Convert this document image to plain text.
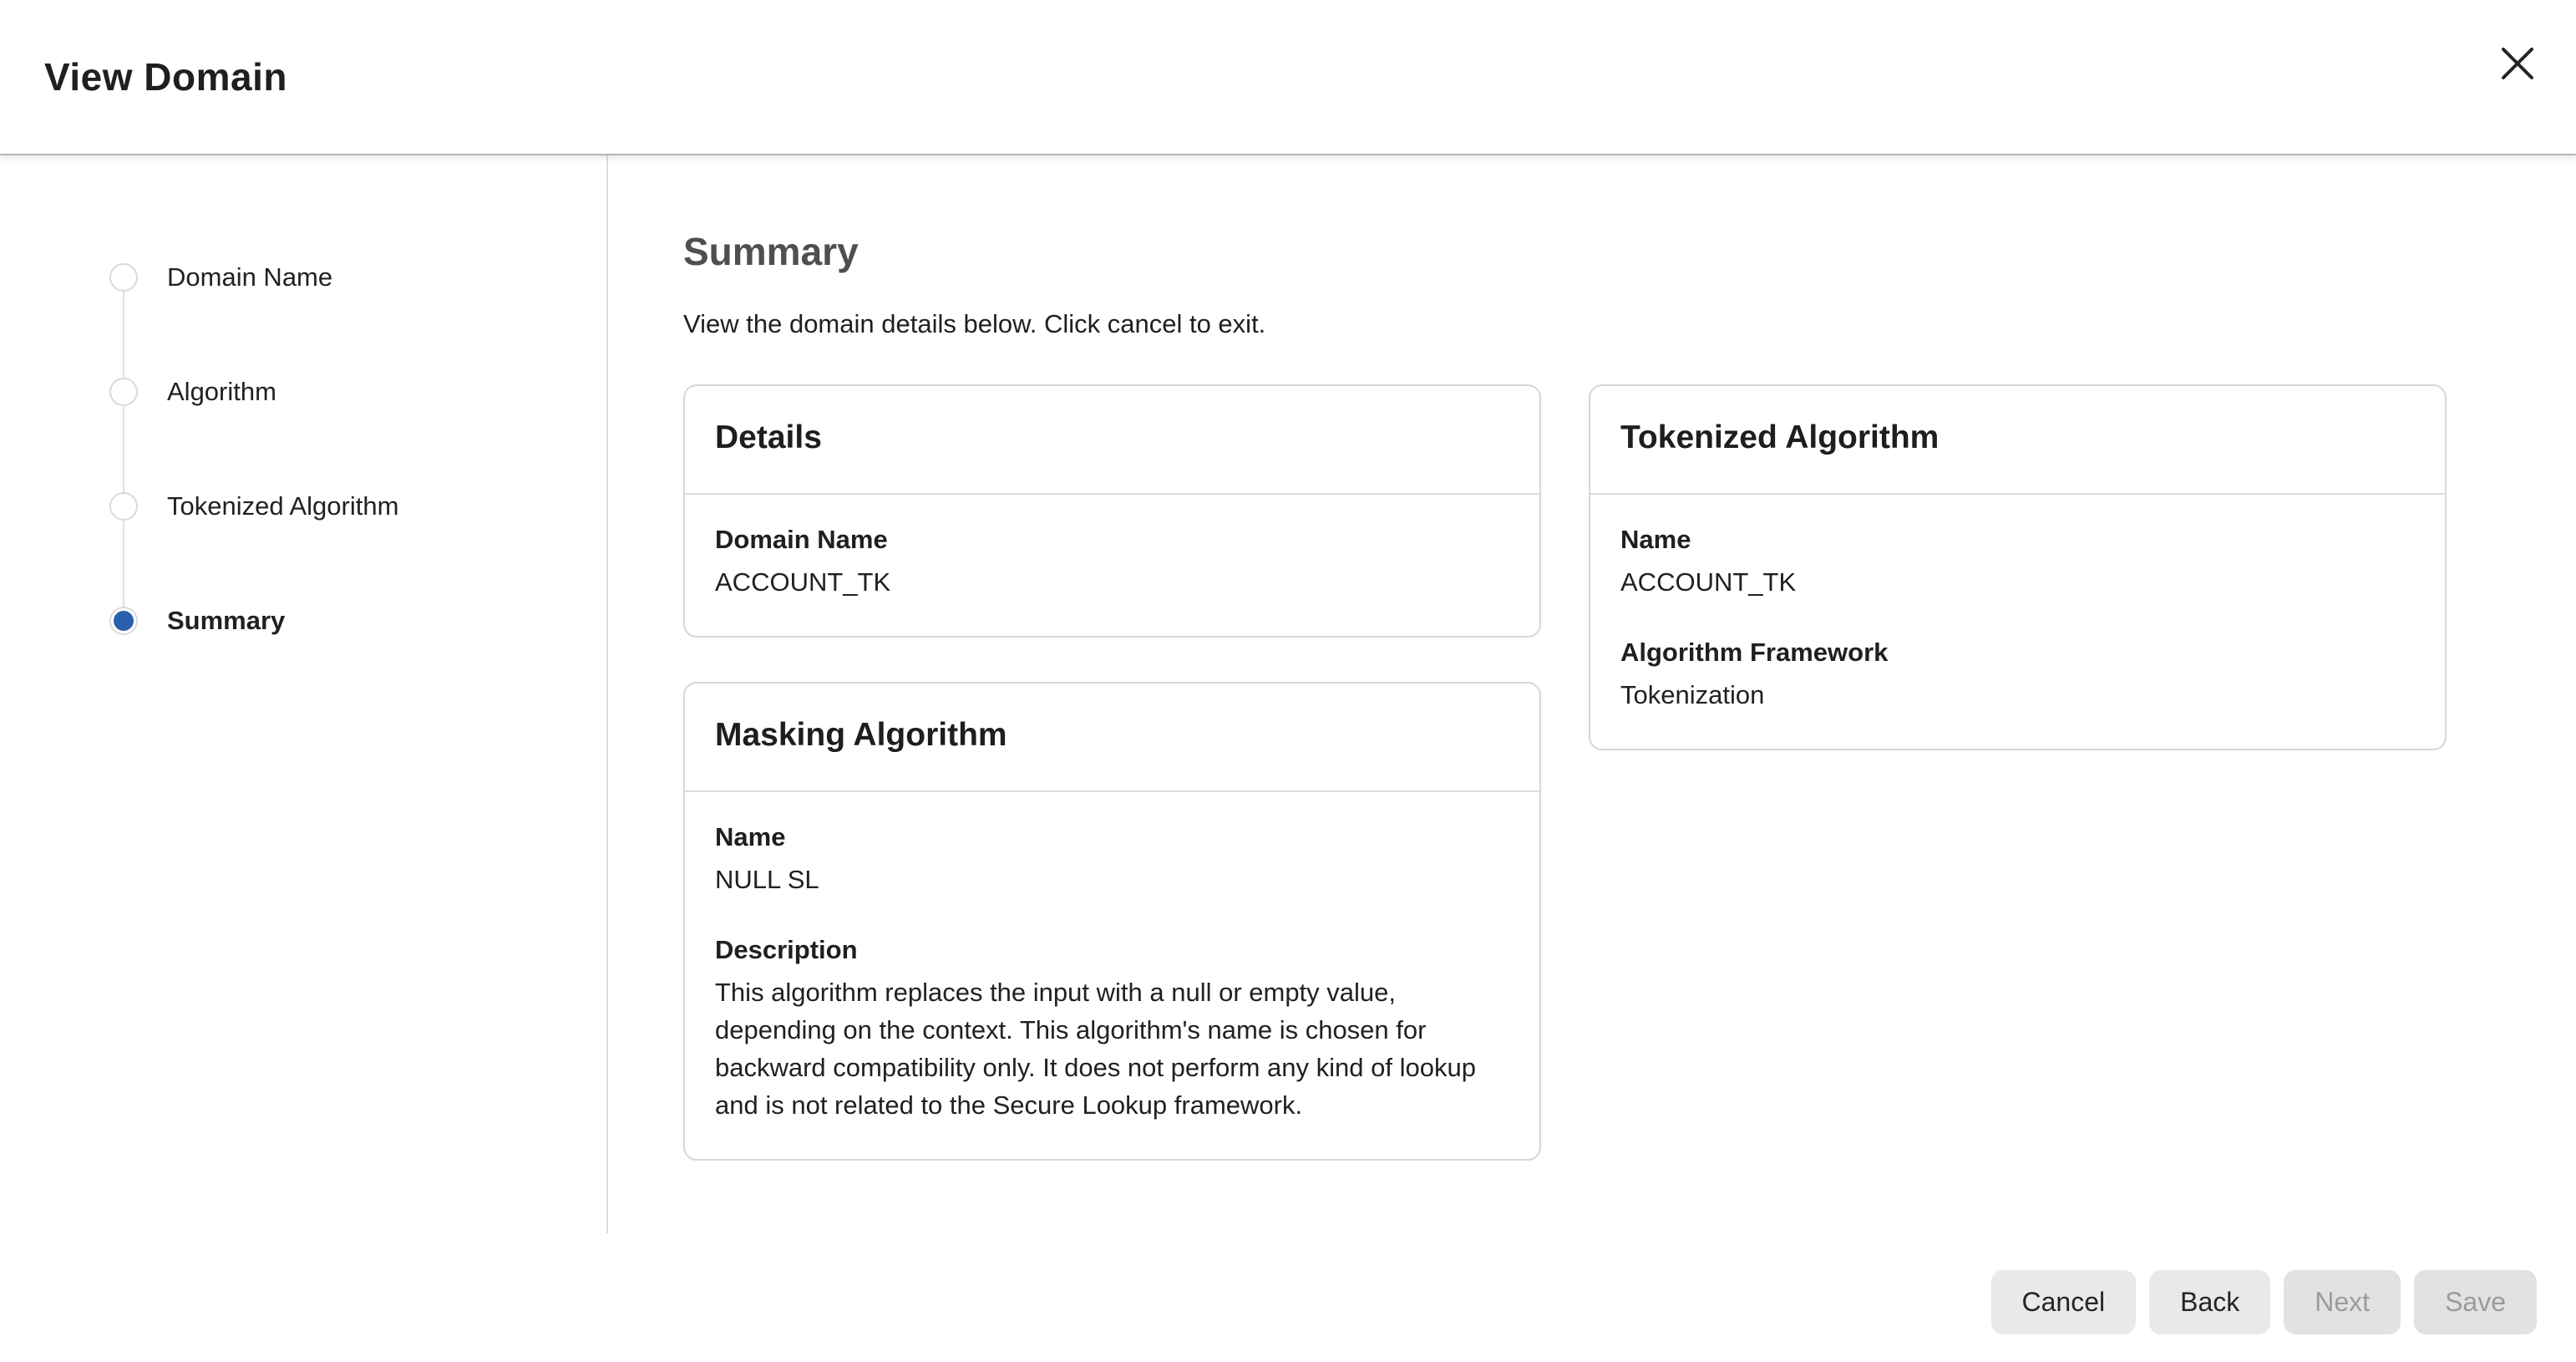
View Domain
Domain Name
Algorithm
Tokenized Algorithm
Summary
Summary

View the domain details below. Click cancel to exit.

Details
Domain Name
ACCOUNT_TK
Masking Algorithm
Name
NULL SL
Description
This algorithm replaces the input with a null or empty value, depending on the context. This algorithm's name is chosen for backward compatibility only. It does not perform any kind of lookup and is not related to the Secure Lookup framework.
Tokenized Algorithm
Name
ACCOUNT_TK
Algorithm Framework
Tokenization
Cancel	Back	Next	Save
